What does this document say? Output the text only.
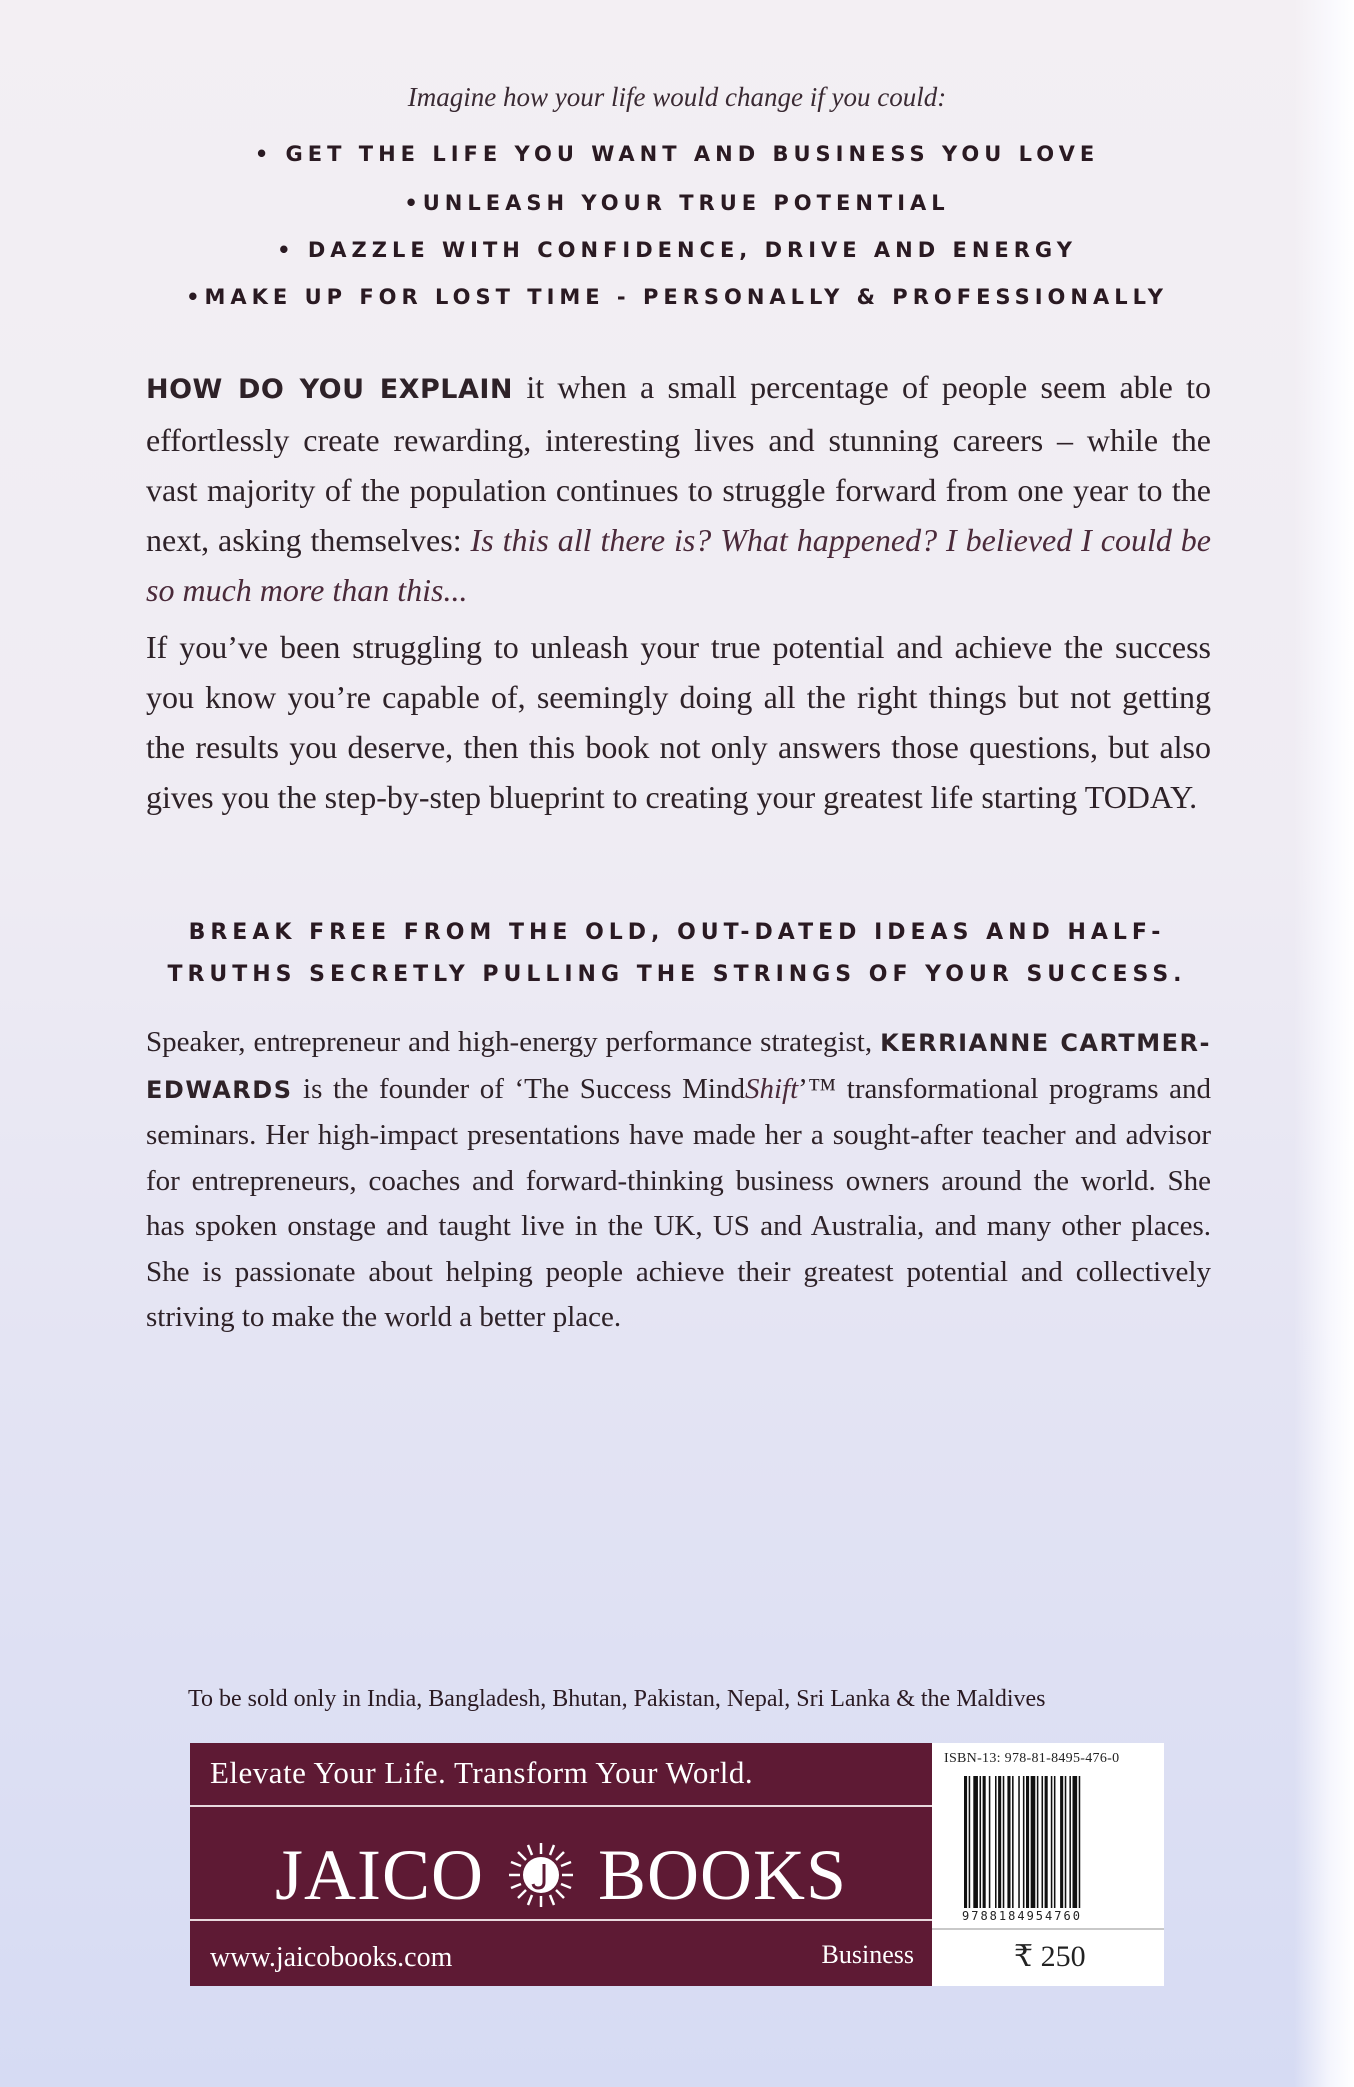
Imagine how your life would change if you could:
• GET THE LIFE YOU WANT AND BUSINESS YOU LOVE
•UNLEASH YOUR TRUE POTENTIAL
• DAZZLE WITH CONFIDENCE, DRIVE AND ENERGY
•MAKE UP FOR LOST TIME - PERSONALLY & PROFESSIONALLY
HOW DO YOU EXPLAIN it when a small percentage of people seem able to effortlessly create rewarding, interesting lives and stunning careers – while the vast majority of the population continues to struggle forward from one year to the next, asking themselves: Is this all there is? What happened? I believed I could be so much more than this...
If you’ve been struggling to unleash your true potential and achieve the success you know you’re capable of, seemingly doing all the right things but not getting the results you deserve, then this book not only answers those questions, but also gives you the step-by-step blueprint to creating your greatest life starting TODAY.
BREAK FREE FROM THE OLD, OUT-DATED IDEAS AND HALF-
TRUTHS SECRETLY PULLING THE STRINGS OF YOUR SUCCESS.
Speaker, entrepreneur and high-energy performance strategist, KERRIANNE CARTMER-EDWARDS is the founder of ‘The Success MindShift’™ transformational programs and seminars. Her high-impact presentations have made her a sought-after teacher and advisor for entrepreneurs, coaches and forward-thinking business owners around the world. She has spoken onstage and taught live in the UK, US and Australia, and many other places. She is passionate about helping people achieve their greatest potential and collectively striving to make the world a better place.
To be sold only in India, Bangladesh, Bhutan, Pakistan, Nepal, Sri Lanka & the Maldives
Elevate Your Life. Transform Your World.
JAICO BOOKS
www.jaicobooks.com	Business
ISBN-13: 978-81-8495-476-0
9788184954760
₹ 250
